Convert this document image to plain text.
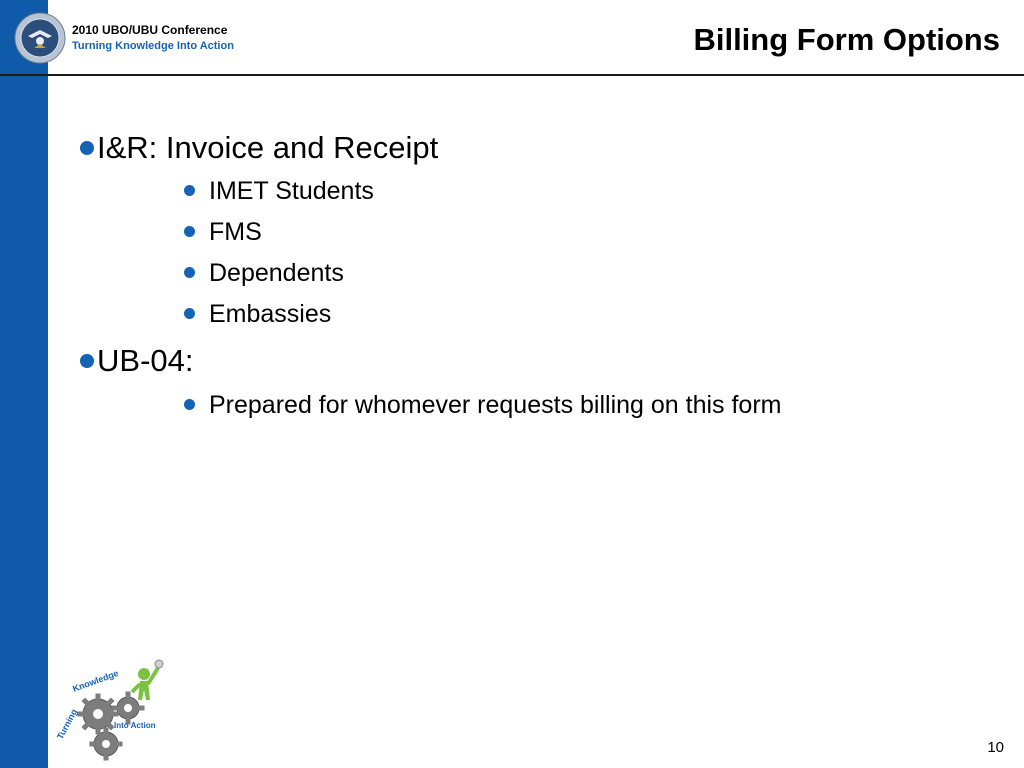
2010 UBO/UBU Conference
Turning Knowledge Into Action	Billing Form Options
I&R: Invoice and Receipt
IMET Students
FMS
Dependents
Embassies
UB-04:
Prepared for whomever requests billing on this form
Turning
Knowledge
Into Action
10
